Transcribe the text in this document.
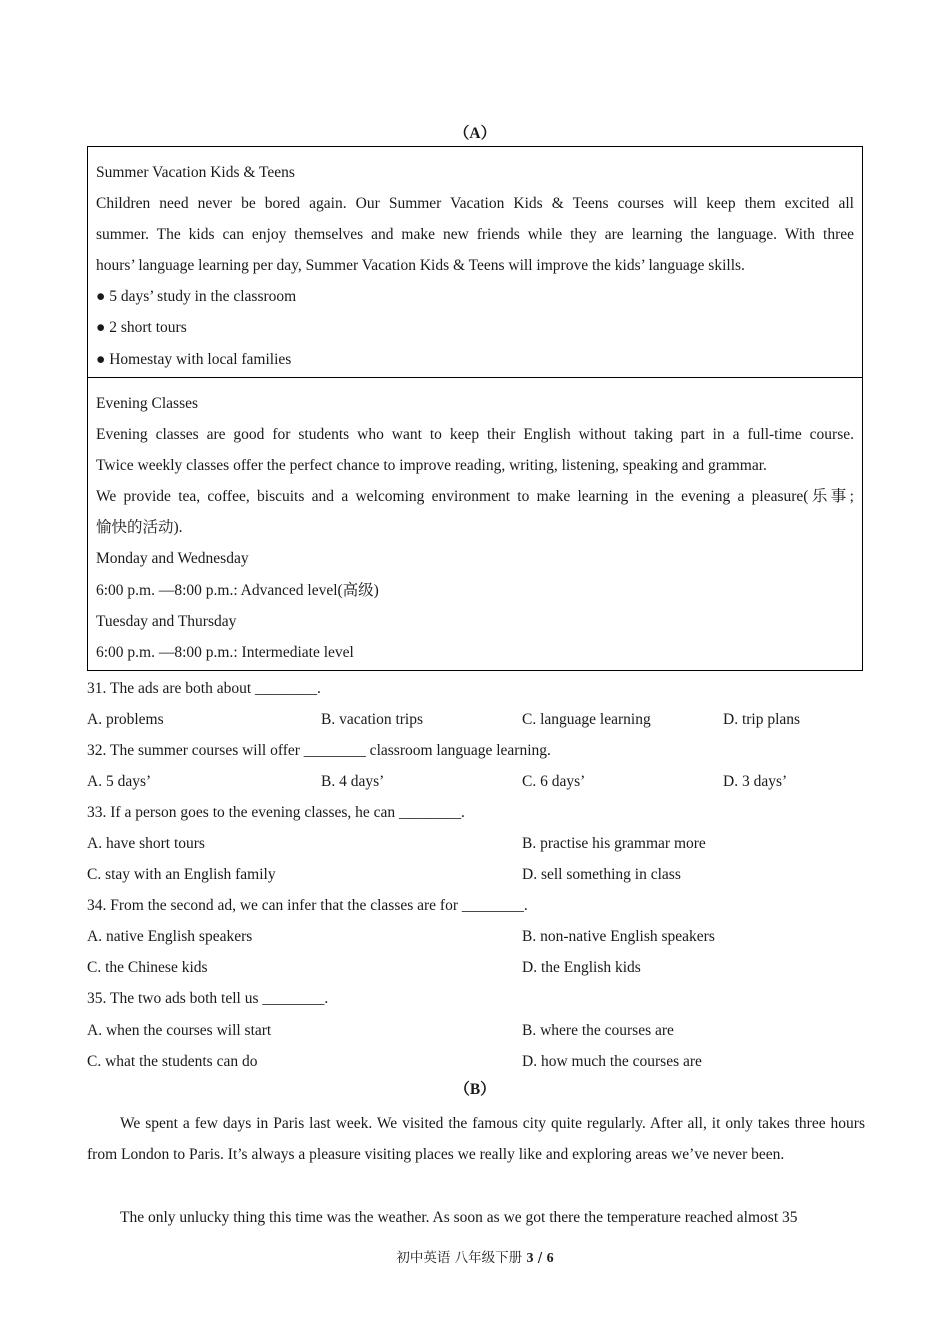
（A）
Summer Vacation Kids & Teens
Children need never be bored again. Our Summer Vacation Kids & Teens courses will keep them excited all
summer. The kids can enjoy themselves and make new friends while they are learning the language. With three
hours’ language learning per day, Summer Vacation Kids & Teens will improve the kids’ language skills.
● 5 days’ study in the classroom
● 2 short tours
● Homestay with local families
Evening Classes
Evening classes are good for students who want to keep their English without taking part in a full-time course.
Twice weekly classes offer the perfect chance to improve reading, writing, listening, speaking and grammar.
We provide tea, coffee, biscuits and a welcoming environment to make learning in the evening a pleasure(乐事;
愉快的活动).
Monday and Wednesday
6:00 p.m. —8:00 p.m.: Advanced level(高级)
Tuesday and Thursday
6:00 p.m. —8:00 p.m.: Intermediate level
31. The ads are both about ________.
A. problems	B. vacation trips	C. language learning	D. trip plans
32. The summer courses will offer ________ classroom language learning.
A. 5 days’	B. 4 days’	C. 6 days’	D. 3 days’
33. If a person goes to the evening classes, he can ________.
A. have short tours	B. practise his grammar more
C. stay with an English family	D. sell something in class
34. From the second ad, we can infer that the classes are for ________.
A. native English speakers	B. non-native English speakers
C. the Chinese kids	D. the English kids
35. The two ads both tell us ________.
A. when the courses will start	B. where the courses are
C. what the students can do	D. how much the courses are
（B）
We spent a few days in Paris last week. We visited the famous city quite regularly. After all, it only takes three hours from London to Paris. It’s always a pleasure visiting places we really like and exploring areas we’ve never been.
The only unlucky thing this time was the weather. As soon as we got there the temperature reached almost 35
初中英语 八年级下册 3 / 6
